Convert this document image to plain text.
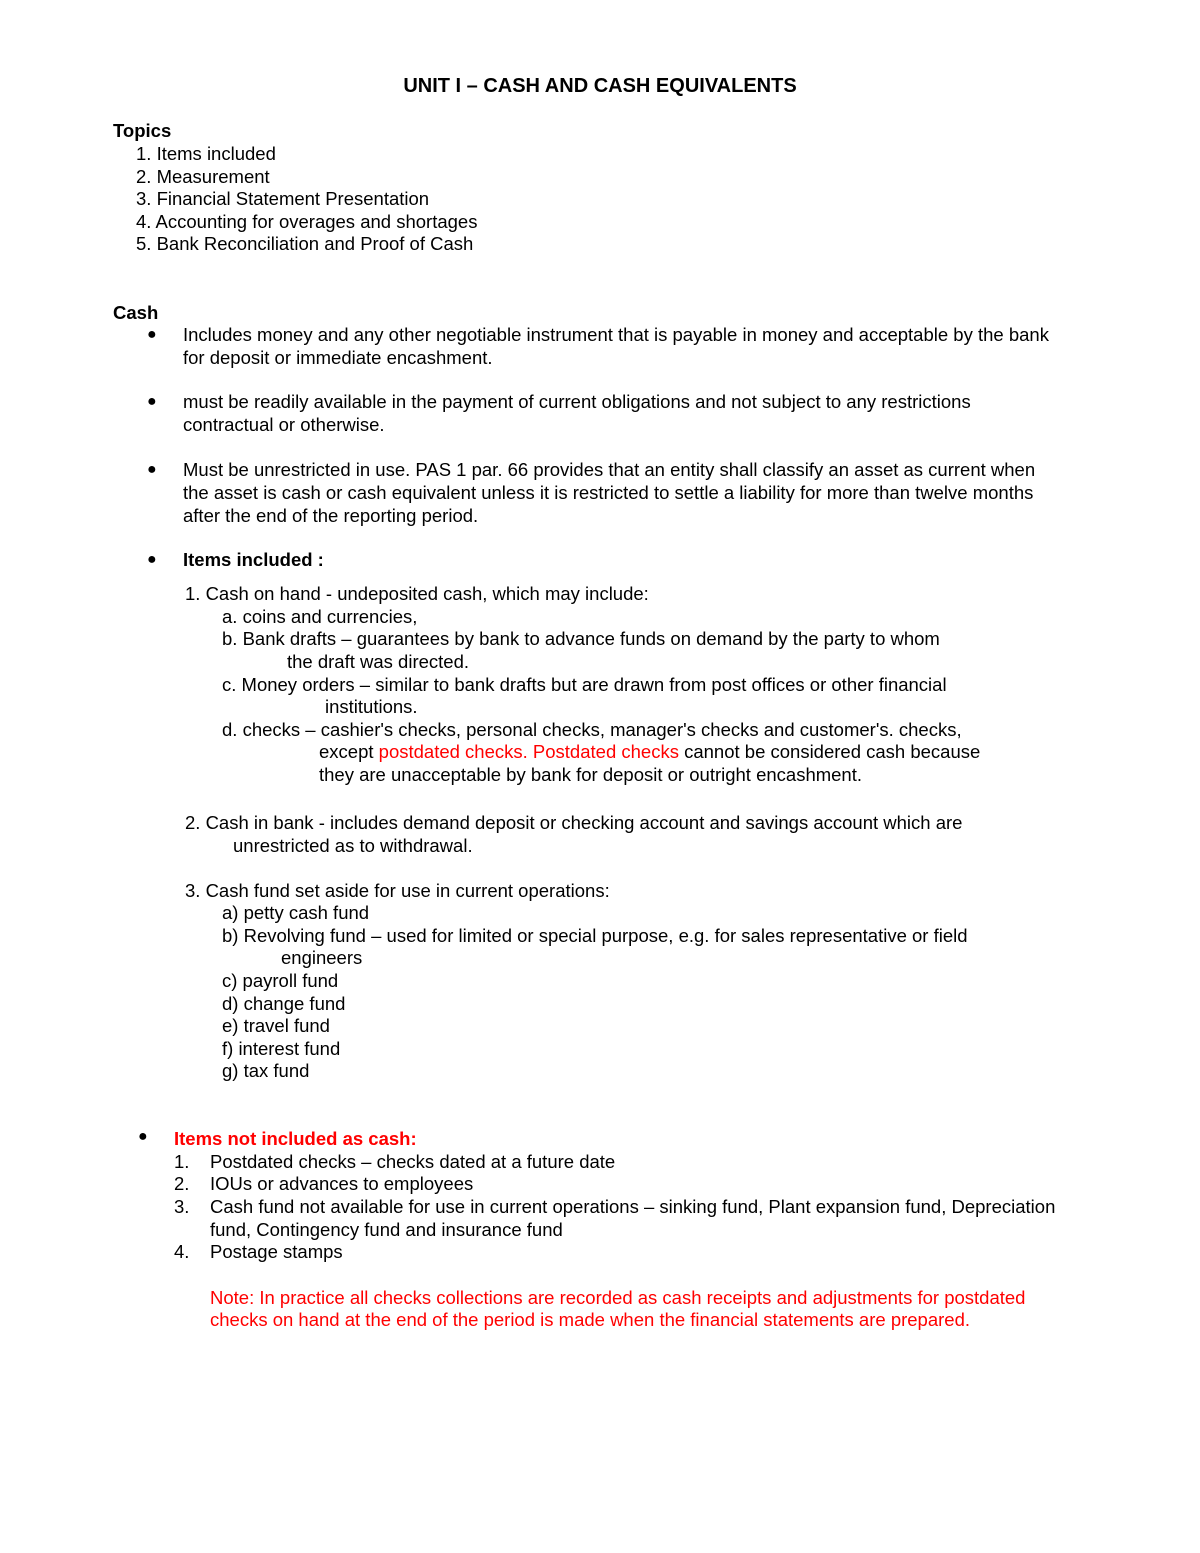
UNIT I – CASH AND CASH EQUIVALENTS
Topics
1. Items included
2. Measurement
3. Financial Statement Presentation
4. Accounting for overages and shortages
5. Bank Reconciliation and Proof of Cash
Cash
● Includes money and any other negotiable instrument that is payable in money and acceptable by the bank
for deposit or immediate encashment.
● must be readily available in the payment of current obligations and not subject to any restrictions
contractual or otherwise.
● Must be unrestricted in use. PAS 1 par. 66 provides that an entity shall classify an asset as current when
the asset is cash or cash equivalent unless it is restricted to settle a liability for more than twelve months
after the end of the reporting period.
● Items included :
1. Cash on hand - undeposited cash, which may include:
a. coins and currencies,
b. Bank drafts – guarantees by bank to advance funds on demand by the party to whom
the draft was directed.
c. Money orders – similar to bank drafts but are drawn from post offices or other financial
institutions.
d. checks – cashier's checks, personal checks, manager's checks and customer's. checks,
except postdated checks. Postdated checks cannot be considered cash because
they are unacceptable by bank for deposit or outright encashment.
2. Cash in bank - includes demand deposit or checking account and savings account which are
unrestricted as to withdrawal.
3. Cash fund set aside for use in current operations:
a) petty cash fund
b) Revolving fund – used for limited or special purpose, e.g. for sales representative or field
engineers
c) payroll fund
d) change fund
e) travel fund
f) interest fund
g) tax fund
● Items not included as cash:
1. Postdated checks – checks dated at a future date
2. IOUs or advances to employees
3. Cash fund not available for use in current operations – sinking fund, Plant expansion fund, Depreciation
fund, Contingency fund and insurance fund
4. Postage stamps
Note: In practice all checks collections are recorded as cash receipts and adjustments for postdated
checks on hand at the end of the period is made when the financial statements are prepared.
